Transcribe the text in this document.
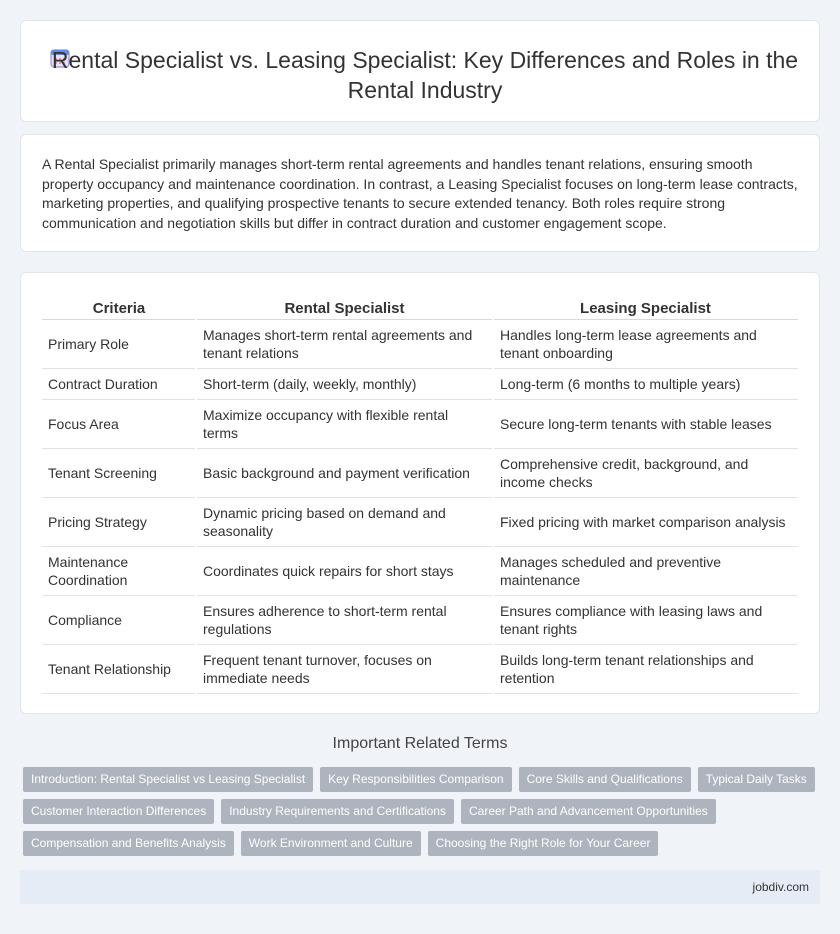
Rental Specialist vs. Leasing Specialist: Key Differences and Roles in the Rental Industry

A Rental Specialist primarily manages short-term rental agreements and handles tenant relations, ensuring smooth property occupancy and maintenance coordination. In contrast, a Leasing Specialist focuses on long-term lease contracts, marketing properties, and qualifying prospective tenants to secure extended tenancy. Both roles require strong communication and negotiation skills but differ in contract duration and customer engagement scope.

Criteria	Rental Specialist	Leasing Specialist
Primary Role	Manages short-term rental agreements and tenant relations	Handles long-term lease agreements and tenant onboarding
Contract Duration	Short-term (daily, weekly, monthly)	Long-term (6 months to multiple years)
Focus Area	Maximize occupancy with flexible rental terms	Secure long-term tenants with stable leases
Tenant Screening	Basic background and payment verification	Comprehensive credit, background, and income checks
Pricing Strategy	Dynamic pricing based on demand and seasonality	Fixed pricing with market comparison analysis
Maintenance Coordination	Coordinates quick repairs for short stays	Manages scheduled and preventive maintenance
Compliance	Ensures adherence to short-term rental regulations	Ensures compliance with leasing laws and tenant rights
Tenant Relationship	Frequent tenant turnover, focuses on immediate needs	Builds long-term tenant relationships and retention
Important Related Terms
Introduction: Rental Specialist vs Leasing Specialist	Key Responsibilities Comparison	Core Skills and Qualifications	Typical Daily Tasks
Customer Interaction Differences	Industry Requirements and Certifications	Career Path and Advancement Opportunities
Compensation and Benefits Analysis	Work Environment and Culture	Choosing the Right Role for Your Career
jobdiv.com
